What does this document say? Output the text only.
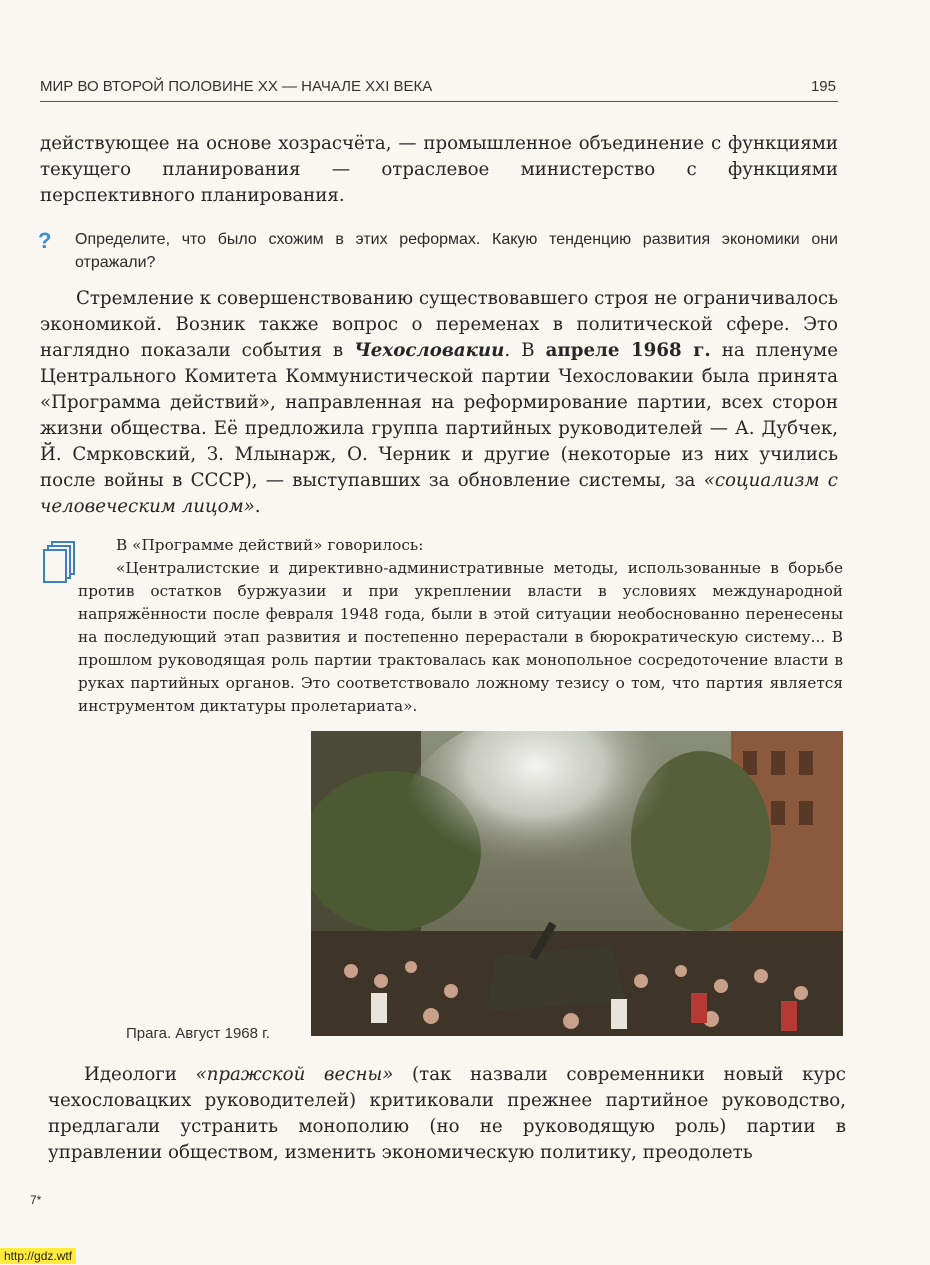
МИР ВО ВТОРОЙ ПОЛОВИНЕ XX — НАЧАЛЕ XXI ВЕКА	195

действующее на основе хозрасчёта, — промышленное объединение с функциями текущего планирования — отраслевое министерство с функциями перспективного планирования.

? Определите, что было схожим в этих реформах. Какую тенденцию развития экономики они отражали?

Стремление к совершенствованию существовавшего строя не ограничивалось экономикой. Возник также вопрос о переменах в политической сфере. Это наглядно показали события в Чехословакии. В апреле 1968 г. на пленуме Центрального Комитета Коммунистической партии Чехословакии была принята «Программа действий», направленная на реформирование партии, всех сторон жизни общества. Её предложила группа партийных руководителей — А. Дубчек, Й. Смрковский, З. Млынарж, О. Черник и другие (некоторые из них учились после войны в СССР), — выступавших за обновление системы, за «социализм с человеческим лицом».

В «Программе действий» говорилось:
«Централистские и директивно-административные методы, использованные в борьбе против остатков буржуазии и при укреплении власти в условиях международной напряжённости после февраля 1948 года, были в этой ситуации необоснованно перенесены на последующий этап развития и постепенно перерастали в бюрократическую систему... В прошлом руководящая роль партии трактовалась как монопольное сосредоточение власти в руках партийных органов. Это соответствовало ложному тезису о том, что партия является инструментом диктатуры пролетариата».
Прага. Август 1968 г.

Идеологи «пражской весны» (так назвали современники новый курс чехословацких руководителей) критиковали прежнее партийное руководство, предлагали устранить монополию (но не руководящую роль) партии в управлении обществом, изменить экономическую политику, преодолеть

7*
http://gdz.wtf
